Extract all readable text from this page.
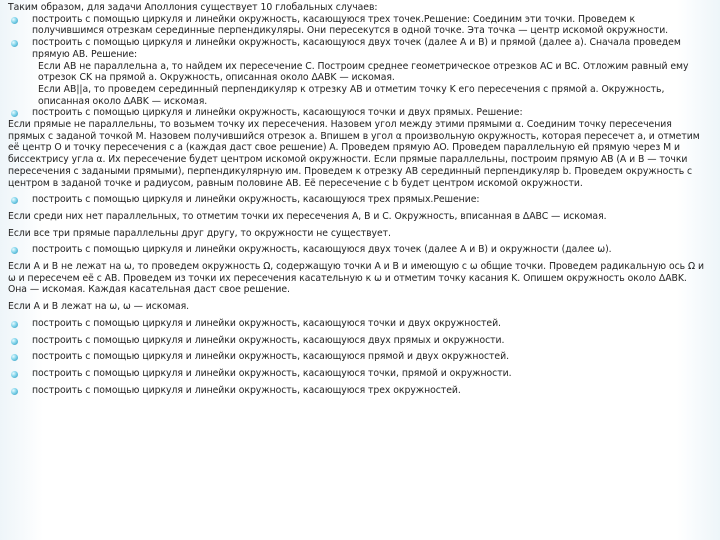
Таким образом, для задачи Аполлония существует 10 глобальных случаев:

построить с помощью циркуля и линейки окружность, касающуюся трех точек.Решение: Соединим эти точки. Проведем к получившимся отрезкам серединные перпендикуляры. Они пересекутся в одной точке. Эта точка — центр искомой окружности.

построить с помощью циркуля и линейки окружность, касающуюся двух точек (далее A и B) и прямой (далее a). Сначала проведем прямую AB. Решение:

Если AB не параллельна a, то найдем их пересечение C. Построим среднее геометрическое отрезков AC и BC. Отложим равный ему отрезок CK на прямой a. Окружность, описанная около ΔABK — искомая.

Если AB||a, то проведем серединный перпендикуляр к отрезку AB и отметим точку K его пересечения с прямой a. Окружность, описанная около ΔABK — искомая.

построить с помощью циркуля и линейки окружность, касающуюся точки и двух прямых. Решение:

Если прямые не параллельны, то возьмем точку их пересечения. Назовем угол между этими прямыми α. Соединим точку пересечения прямых с заданой точкой M. Назовем получившийся отрезок a. Впишем в угол α произвольную окружность, которая пересечет a, и отметим её центр O и точку пересечения с a (каждая даст свое решение) A. Проведем прямую AO. Проведем параллельную ей прямую через M и биссектрису угла α. Их пересечение будет центром искомой окружности. Если прямые параллельны, построим прямую AB (A и B — точки пересечения с задаными прямыми), перпендикулярную им. Проведем к отрезку AB серединный перпендикуляр b. Проведем окружность с центром в заданой точке и радиусом, равным половине AB. Её пересечение с b будет центром искомой окружности.

построить с помощью циркуля и линейки окружность, касающуюся трех прямых.Решение:

Если среди них нет параллельных, то отметим точки их пересечения A, B и C. Окружность, вписанная в ΔABC — искомая.

Если все три прямые параллельны друг другу, то окружности не существует.

построить с помощью циркуля и линейки окружность, касающуюся двух точек (далее A и B) и окружности (далее ω).

Если A и B не лежат на ω, то проведем окружность Ω, содержащую точки A и B и имеющую с ω общие точки. Проведем радикальную ось Ω и ω и пересечем её с AB. Проведем из точки их пересечения касательную к ω и отметим точку касания K. Опишем окружность около ΔABK. Она — искомая. Каждая касательная даст свое решение.

Если A и B лежат на ω, ω — искомая.

построить с помощью циркуля и линейки окружность, касающуюся точки и двух окружностей.

построить с помощью циркуля и линейки окружность, касающуюся двух прямых и окружности.

построить с помощью циркуля и линейки окружность, касающуюся прямой и двух окружностей.

построить с помощью циркуля и линейки окружность, касающуюся точки, прямой и окружности.

построить с помощью циркуля и линейки окружность, касающуюся трех окружностей.
